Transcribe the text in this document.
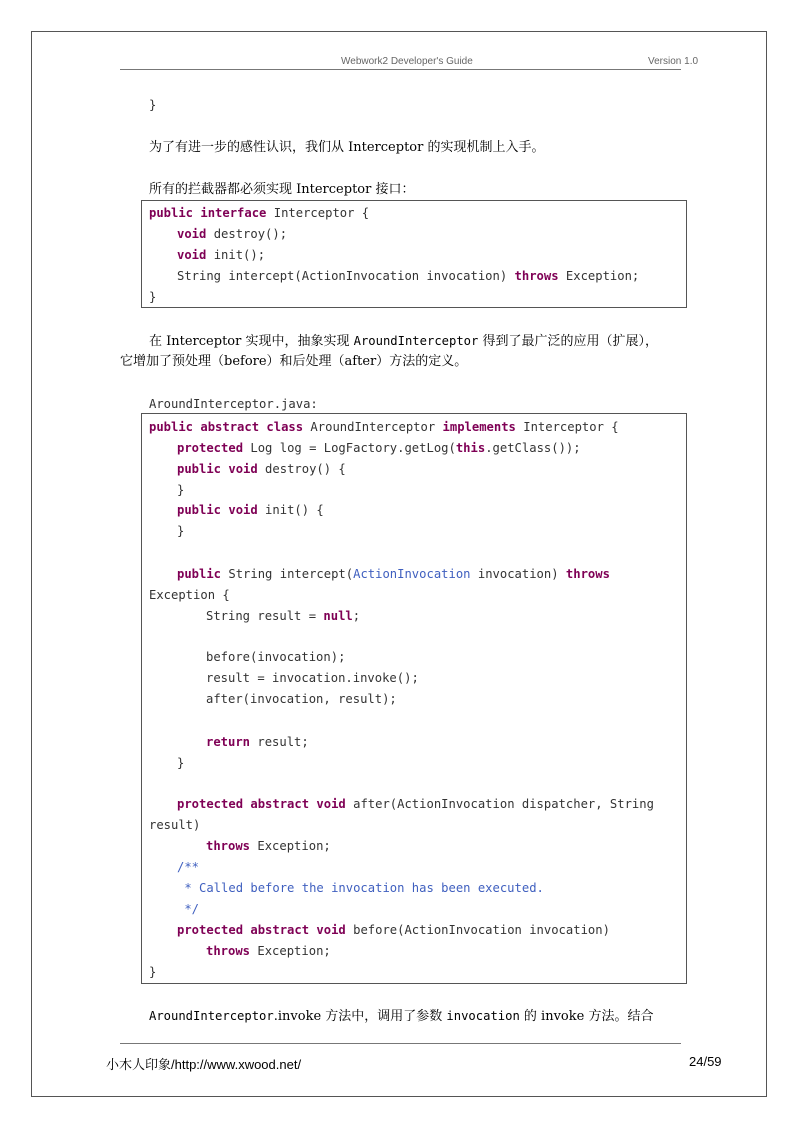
Webwork2 Developer's Guide	Version 1.0
}
为了有进一步的感性认识，我们从 Interceptor 的实现机制上入手。
所有的拦截器都必须实现 Interceptor 接口：
public interface Interceptor {
void destroy();
void init();
String intercept(ActionInvocation invocation) throws Exception;
}
在 Interceptor 实现中，抽象实现 AroundInterceptor 得到了最广泛的应用（扩展），
它增加了预处理（before）和后处理（after）方法的定义。
AroundInterceptor.java:
public abstract class AroundInterceptor implements Interceptor {
protected Log log = LogFactory.getLog(this.getClass());
public void destroy() {
}
public void init() {
}
public String intercept(ActionInvocation invocation) throws
Exception {
String result = null;
before(invocation);
result = invocation.invoke();
after(invocation, result);
return result;
}
protected abstract void after(ActionInvocation dispatcher, String
result)
throws Exception;
/**
* Called before the invocation has been executed.
*/
protected abstract void before(ActionInvocation invocation)
throws Exception;
}
AroundInterceptor.invoke 方法中，调用了参数 invocation 的 invoke 方法。结合
小木人印象/http://www.xwood.net/	24/59
